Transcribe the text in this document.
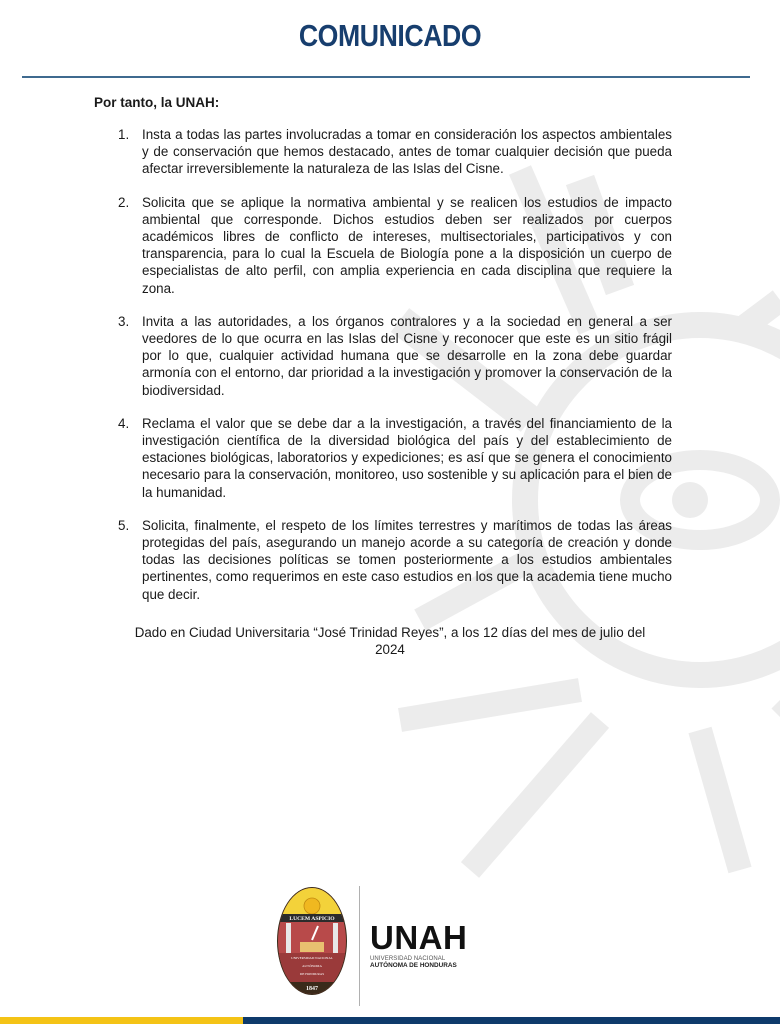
COMUNICADO
Por tanto, la UNAH:
1. Insta a todas las partes involucradas a tomar en consideración los aspectos ambientales y de conservación que hemos destacado, antes de tomar cualquier decisión que pueda afectar irreversiblemente la naturaleza de las Islas del Cisne.
2. Solicita que se aplique la normativa ambiental y se realicen los estudios de impacto ambiental que corresponde. Dichos estudios deben ser realizados por cuerpos académicos libres de conflicto de intereses, multisectoriales, participativos y con transparencia, para lo cual la Escuela de Biología pone a la disposición un cuerpo de especialistas de alto perfil, con amplia experiencia en cada disciplina que requiere la zona.
3. Invita a las autoridades, a los órganos contralores y a la sociedad en general a ser veedores de lo que ocurra en las Islas del Cisne y reconocer que este es un sitio frágil por lo que, cualquier actividad humana que se desarrolle en la zona debe guardar armonía con el entorno, dar prioridad a la investigación y promover la conservación de la biodiversidad.
4. Reclama el valor que se debe dar a la investigación, a través del financiamiento de la investigación científica de la diversidad biológica del país y del establecimiento de estaciones biológicas, laboratorios y expediciones; es así que se genera el conocimiento necesario para la conservación, monitoreo, uso sostenible y su aplicación para el bien de la humanidad.
5. Solicita, finalmente, el respeto de los límites terrestres y marítimos de todas las áreas protegidas del país, asegurando un manejo acorde a su categoría de creación y donde todas las decisiones políticas se tomen posteriormente a los estudios ambientales pertinentes, como requerimos en este caso estudios en los que la academia tiene mucho que decir.
Dado en Ciudad Universitaria “José Trinidad Reyes”, a los 12 días del mes de julio del
2024
LUCEM ASPICIO
UNIVERSIDAD NACIONAL
AUTÓNOMA
DE HONDURAS
1847
UNAH
UNIVERSIDAD NACIONAL
AUTÓNOMA DE HONDURAS
